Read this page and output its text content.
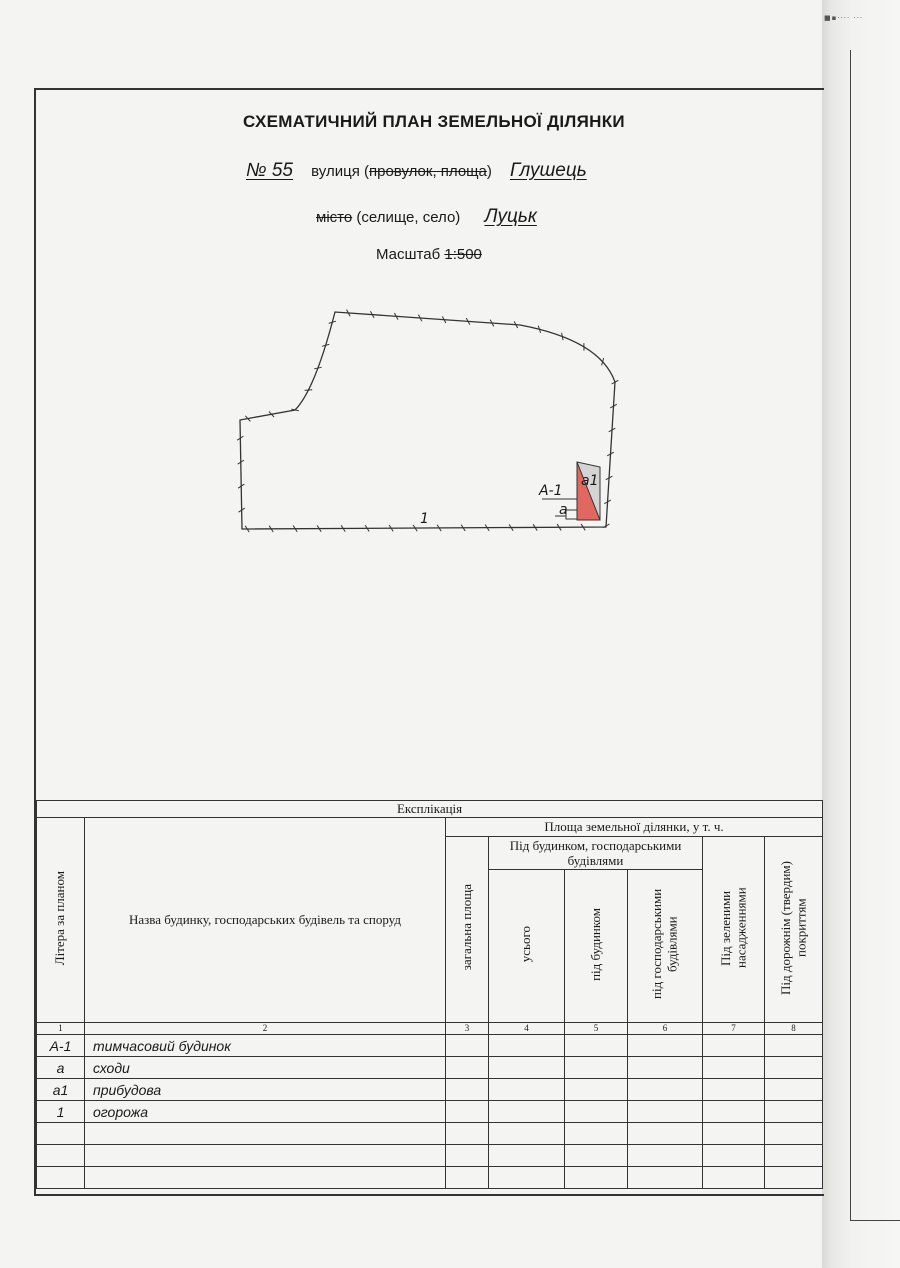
■▪···· ···
СХЕМАТИЧНИЙ ПЛАН ЗЕМЕЛЬНОЇ ДІЛЯНКИ
№ 55 вулиця (провулок, площа) Глушець
місто (селище, село) Луцьк
Масштаб 1:500
А-1
а1
а
1
Експлікація							
Літера за планом	Назва будинку, господарських будівель та споруд	Площа земельної ділянки, у т. ч.					
		загальна площа	Під будинком, господарськими будівлями			Під зеленими насадженнями	Під дорожнім (твердим) покриттям
			усього	під будинком	під господарськими будівлями		
1	2	3	4	5	6	7	8
А-1	тимчасовий будинок						
а	сходи						
а1	прибудова						
1	огорожа						
